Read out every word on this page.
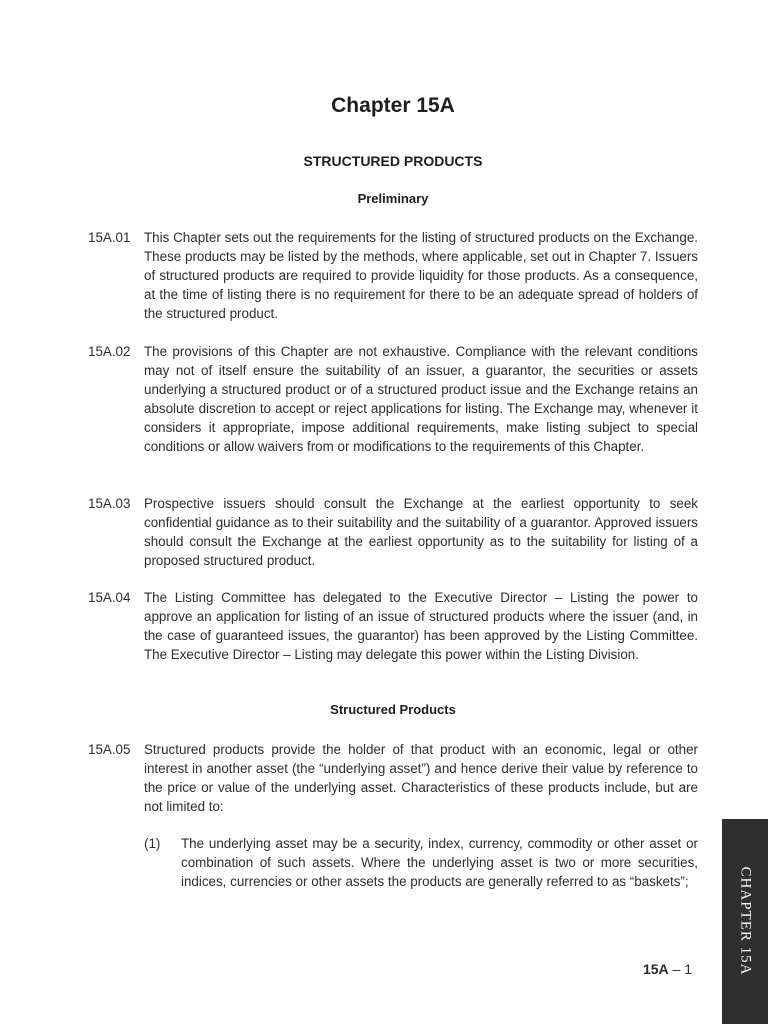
Chapter 15A
STRUCTURED PRODUCTS
Preliminary
15A.01	This Chapter sets out the requirements for the listing of structured products on the Exchange. These products may be listed by the methods, where applicable, set out in Chapter 7. Issuers of structured products are required to provide liquidity for those products. As a consequence, at the time of listing there is no requirement for there to be an adequate spread of holders of the structured product.
15A.02	The provisions of this Chapter are not exhaustive. Compliance with the relevant conditions may not of itself ensure the suitability of an issuer, a guarantor, the securities or assets underlying a structured product or of a structured product issue and the Exchange retains an absolute discretion to accept or reject applications for listing. The Exchange may, whenever it considers it appropriate, impose additional requirements, make listing subject to special conditions or allow waivers from or modifications to the requirements of this Chapter.
15A.03	Prospective issuers should consult the Exchange at the earliest opportunity to seek confidential guidance as to their suitability and the suitability of a guarantor. Approved issuers should consult the Exchange at the earliest opportunity as to the suitability for listing of a proposed structured product.
15A.04	The Listing Committee has delegated to the Executive Director – Listing the power to approve an application for listing of an issue of structured products where the issuer (and, in the case of guaranteed issues, the guarantor) has been approved by the Listing Committee. The Executive Director – Listing may delegate this power within the Listing Division.
Structured Products
15A.05	Structured products provide the holder of that product with an economic, legal or other interest in another asset (the “underlying asset”) and hence derive their value by reference to the price or value of the underlying asset. Characteristics of these products include, but are not limited to:
(1)	The underlying asset may be a security, index, currency, commodity or other asset or combination of such assets. Where the underlying asset is two or more securities, indices, currencies or other assets the products are generally referred to as “baskets”;	CHAPTER 15A
15A – 1
